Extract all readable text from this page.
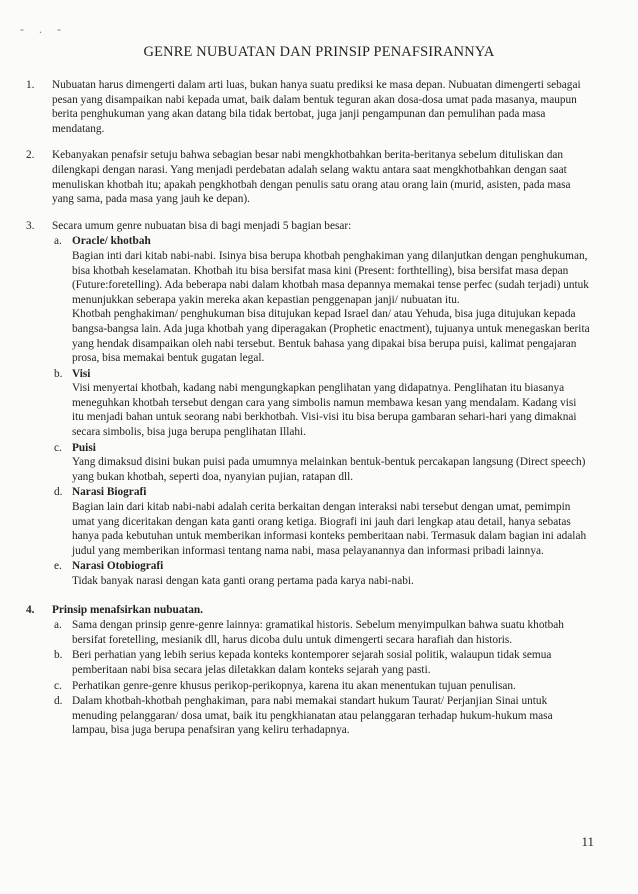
- . -
GENRE NUBUATAN DAN PRINSIP PENAFSIRANNYA
1. Nubuatan harus dimengerti dalam arti luas, bukan hanya suatu prediksi ke masa depan. Nubuatan dimengerti sebagai pesan yang disampaikan nabi kepada umat, baik dalam bentuk teguran akan dosa-dosa umat pada masanya, maupun berita penghukuman yang akan datang bila tidak bertobat, juga janji pengampunan dan pemulihan pada masa mendatang.

2. Kebanyakan penafsir setuju bahwa sebagian besar nabi mengkhotbahkan berita-beritanya sebelum dituliskan dan dilengkapi dengan narasi. Yang menjadi perdebatan adalah selang waktu antara saat mengkhotbahkan dengan saat menuliskan khotbah itu; apakah pengkhotbah dengan penulis satu orang atau orang lain (murid, asisten, pada masa yang sama, pada masa yang jauh ke depan).

3. Secara umum genre nubuatan bisa di bagi menjadi 5 bagian besar:

a. Oracle/ khotbah

Bagian inti dari kitab nabi-nabi. Isinya bisa berupa khotbah penghakiman yang dilanjutkan dengan penghukuman, bisa khotbah keselamatan. Khotbah itu bisa bersifat masa kini (Present: forthtelling), bisa bersifat masa depan (Future:foretelling). Ada beberapa nabi dalam khotbah masa depannya memakai tense perfec (sudah terjadi) untuk menunjukkan seberapa yakin mereka akan kepastian penggenapan janji/ nubuatan itu.

Khotbah penghakiman/ penghukuman bisa ditujukan kepad Israel dan/ atau Yehuda, bisa juga ditujukan kepada bangsa-bangsa lain. Ada juga khotbah yang diperagakan (Prophetic enactment), tujuanya untuk menegaskan berita yang hendak disampaikan oleh nabi tersebut. Bentuk bahasa yang dipakai bisa berupa puisi, kalimat pengajaran prosa, bisa memakai bentuk gugatan legal.

b. Visi

Visi menyertai khotbah, kadang nabi mengungkapkan penglihatan yang didapatnya. Penglihatan itu biasanya meneguhkan khotbah tersebut dengan cara yang simbolis namun membawa kesan yang mendalam. Kadang visi itu menjadi bahan untuk seorang nabi berkhotbah. Visi-visi itu bisa berupa gambaran sehari-hari yang dimaknai secara simbolis, bisa juga berupa penglihatan Illahi.

c. Puisi

Yang dimaksud disini bukan puisi pada umumnya melainkan bentuk-bentuk percakapan langsung (Direct speech) yang bukan khotbah, seperti doa, nyanyian pujian, ratapan dll.

d. Narasi Biografi

Bagian lain dari kitab nabi-nabi adalah cerita berkaitan dengan interaksi nabi tersebut dengan umat, pemimpin umat yang diceritakan dengan kata ganti orang ketiga. Biografi ini jauh dari lengkap atau detail, hanya sebatas hanya pada kebutuhan untuk memberikan informasi konteks pemberitaan nabi. Termasuk dalam bagian ini adalah judul yang memberikan informasi tentang nama nabi, masa pelayanannya dan informasi pribadi lainnya.

e. Narasi Otobiografi

Tidak banyak narasi dengan kata ganti orang pertama pada karya nabi-nabi.

4. Prinsip menafsirkan nubuatan.

a. Sama dengan prinsip genre-genre lainnya: gramatikal historis. Sebelum menyimpulkan bahwa suatu khotbah bersifat foretelling, mesianik dll, harus dicoba dulu untuk dimengerti secara harafiah dan historis.

b. Beri perhatian yang lebih serius kepada konteks kontemporer sejarah sosial politik, walaupun tidak semua pemberitaan nabi bisa secara jelas diletakkan dalam konteks sejarah yang pasti.

c. Perhatikan genre-genre khusus perikop-perikopnya, karena itu akan menentukan tujuan penulisan.

d. Dalam khotbah-khotbah penghakiman, para nabi memakai standart hukum Taurat/ Perjanjian Sinai untuk menuding pelanggaran/ dosa umat, baik itu pengkhianatan atau pelanggaran terhadap hukum-hukum masa lampau, bisa juga berupa penafsiran yang keliru terhadapnya.

11
